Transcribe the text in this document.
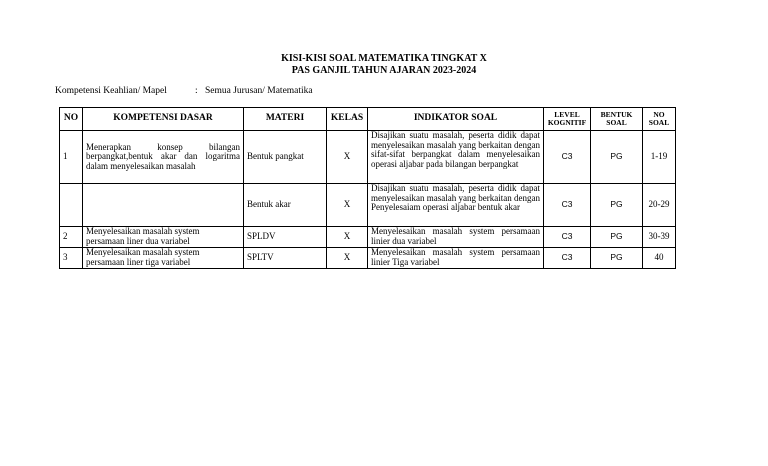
KISI-KISI SOAL MATEMATIKA TINGKAT X
PAS GANJIL TAHUN AJARAN 2023-2024
Kompetensi Keahlian/ Mapel	: Semua Jurusan/ Matematika
NO	KOMPETENSI DASAR	MATERI	KELAS	INDIKATOR SOAL	LEVEL KOGNITIF	BENTUK SOAL	NO SOAL
1	Menerapkan konsep bilangan berpangkat,bentuk akar dan logaritma dalam menyelesaikan masalah	Bentuk pangkat	X	Disajikan suatu masalah, peserta didik dapat menyelesaikan masalah yang berkaitan dengan sifat-sifat berpangkat dalam menyelesaikan operasi aljabar pada bilangan berpangkat	C3	PG	1-19
		Bentuk akar	X	Disajikan suatu masalah, peserta didik dapat menyelesaikan masalah yang berkaitan dengan Penyelesaiam operasi aljabar bentuk akar	C3	PG	20-29
2	Menyelesaikan masalah system persamaan liner dua variabel	SPLDV	X	Menyelesaikan masalah system persamaan linier dua variabel	C3	PG	30-39
3	Menyelesaikan masalah system persamaan liner tiga variabel	SPLTV	X	Menyelesaikan masalah system persamaan linier Tiga variabel	C3	PG	40
